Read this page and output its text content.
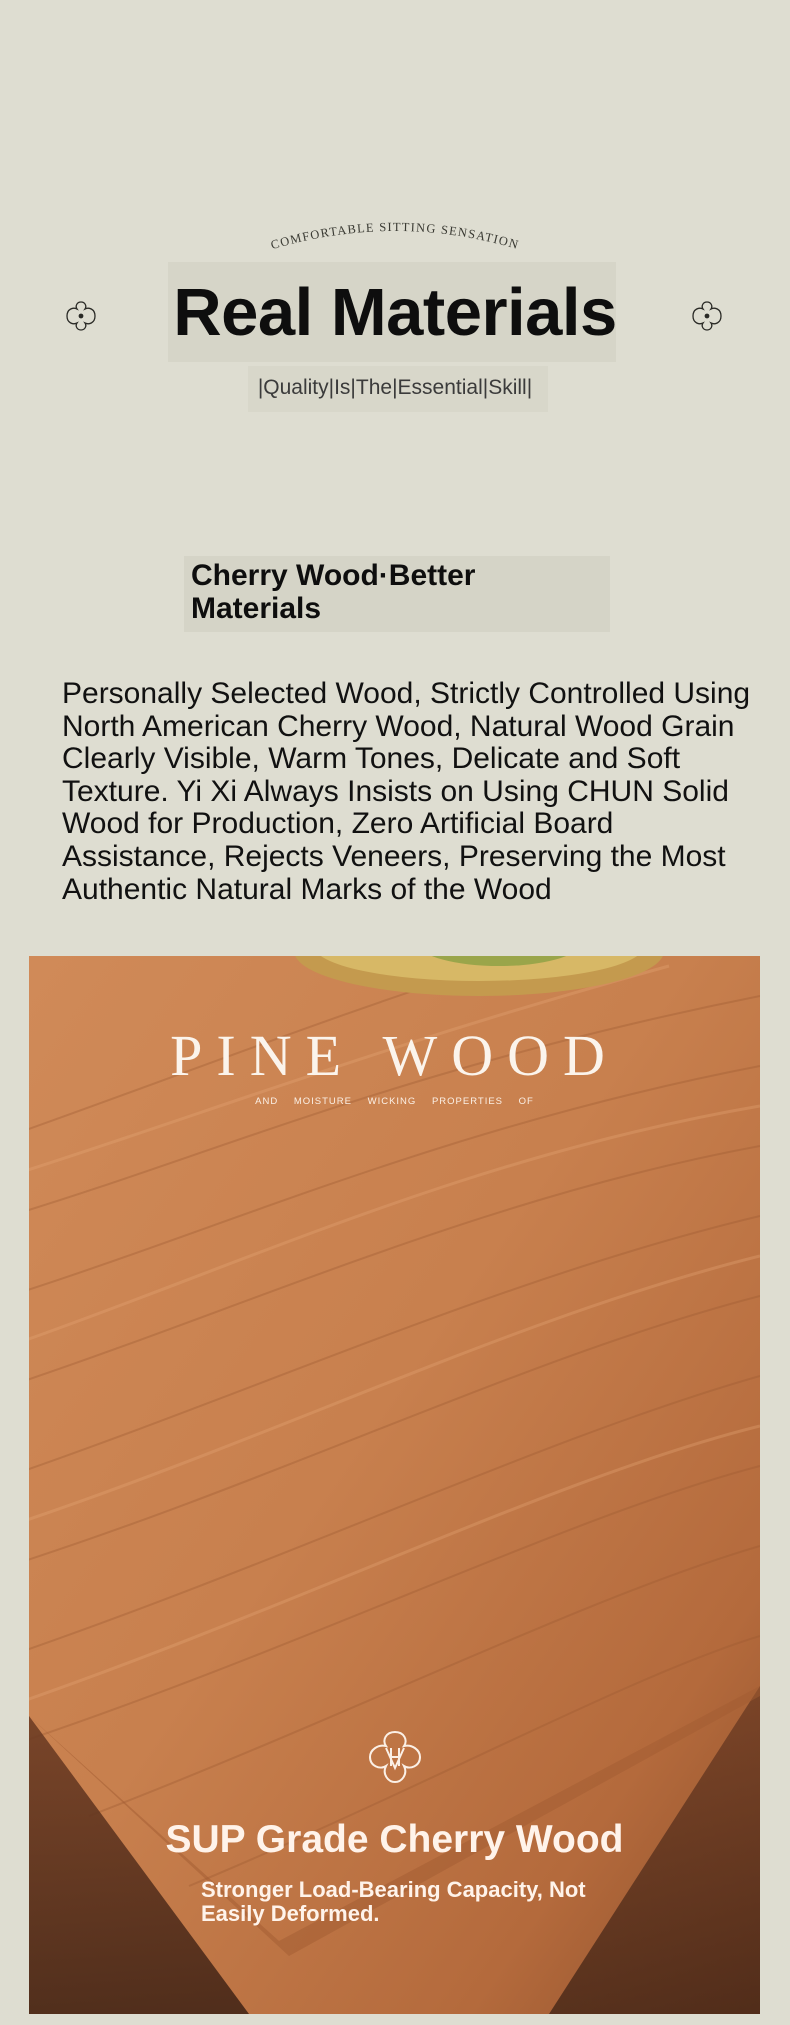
COMFORTABLE SITTING SENSATION
Real Materials
|Quality|Is|The|Essential|Skill|
Cherry Wood·Better Materials
Personally Selected Wood, Strictly Controlled Using North American Cherry Wood, Natural Wood Grain Clearly Visible, Warm Tones, Delicate and Soft Texture. Yi Xi Always Insists on Using CHUN Solid Wood for Production, Zero Artificial Board Assistance, Rejects Veneers, Preserving the Most Authentic Natural Marks of the Wood
PINE WOOD
AND MOISTURE WICKING PROPERTIES OF
SUP Grade Cherry Wood
Stronger Load-Bearing Capacity, Not Easily Deformed.
